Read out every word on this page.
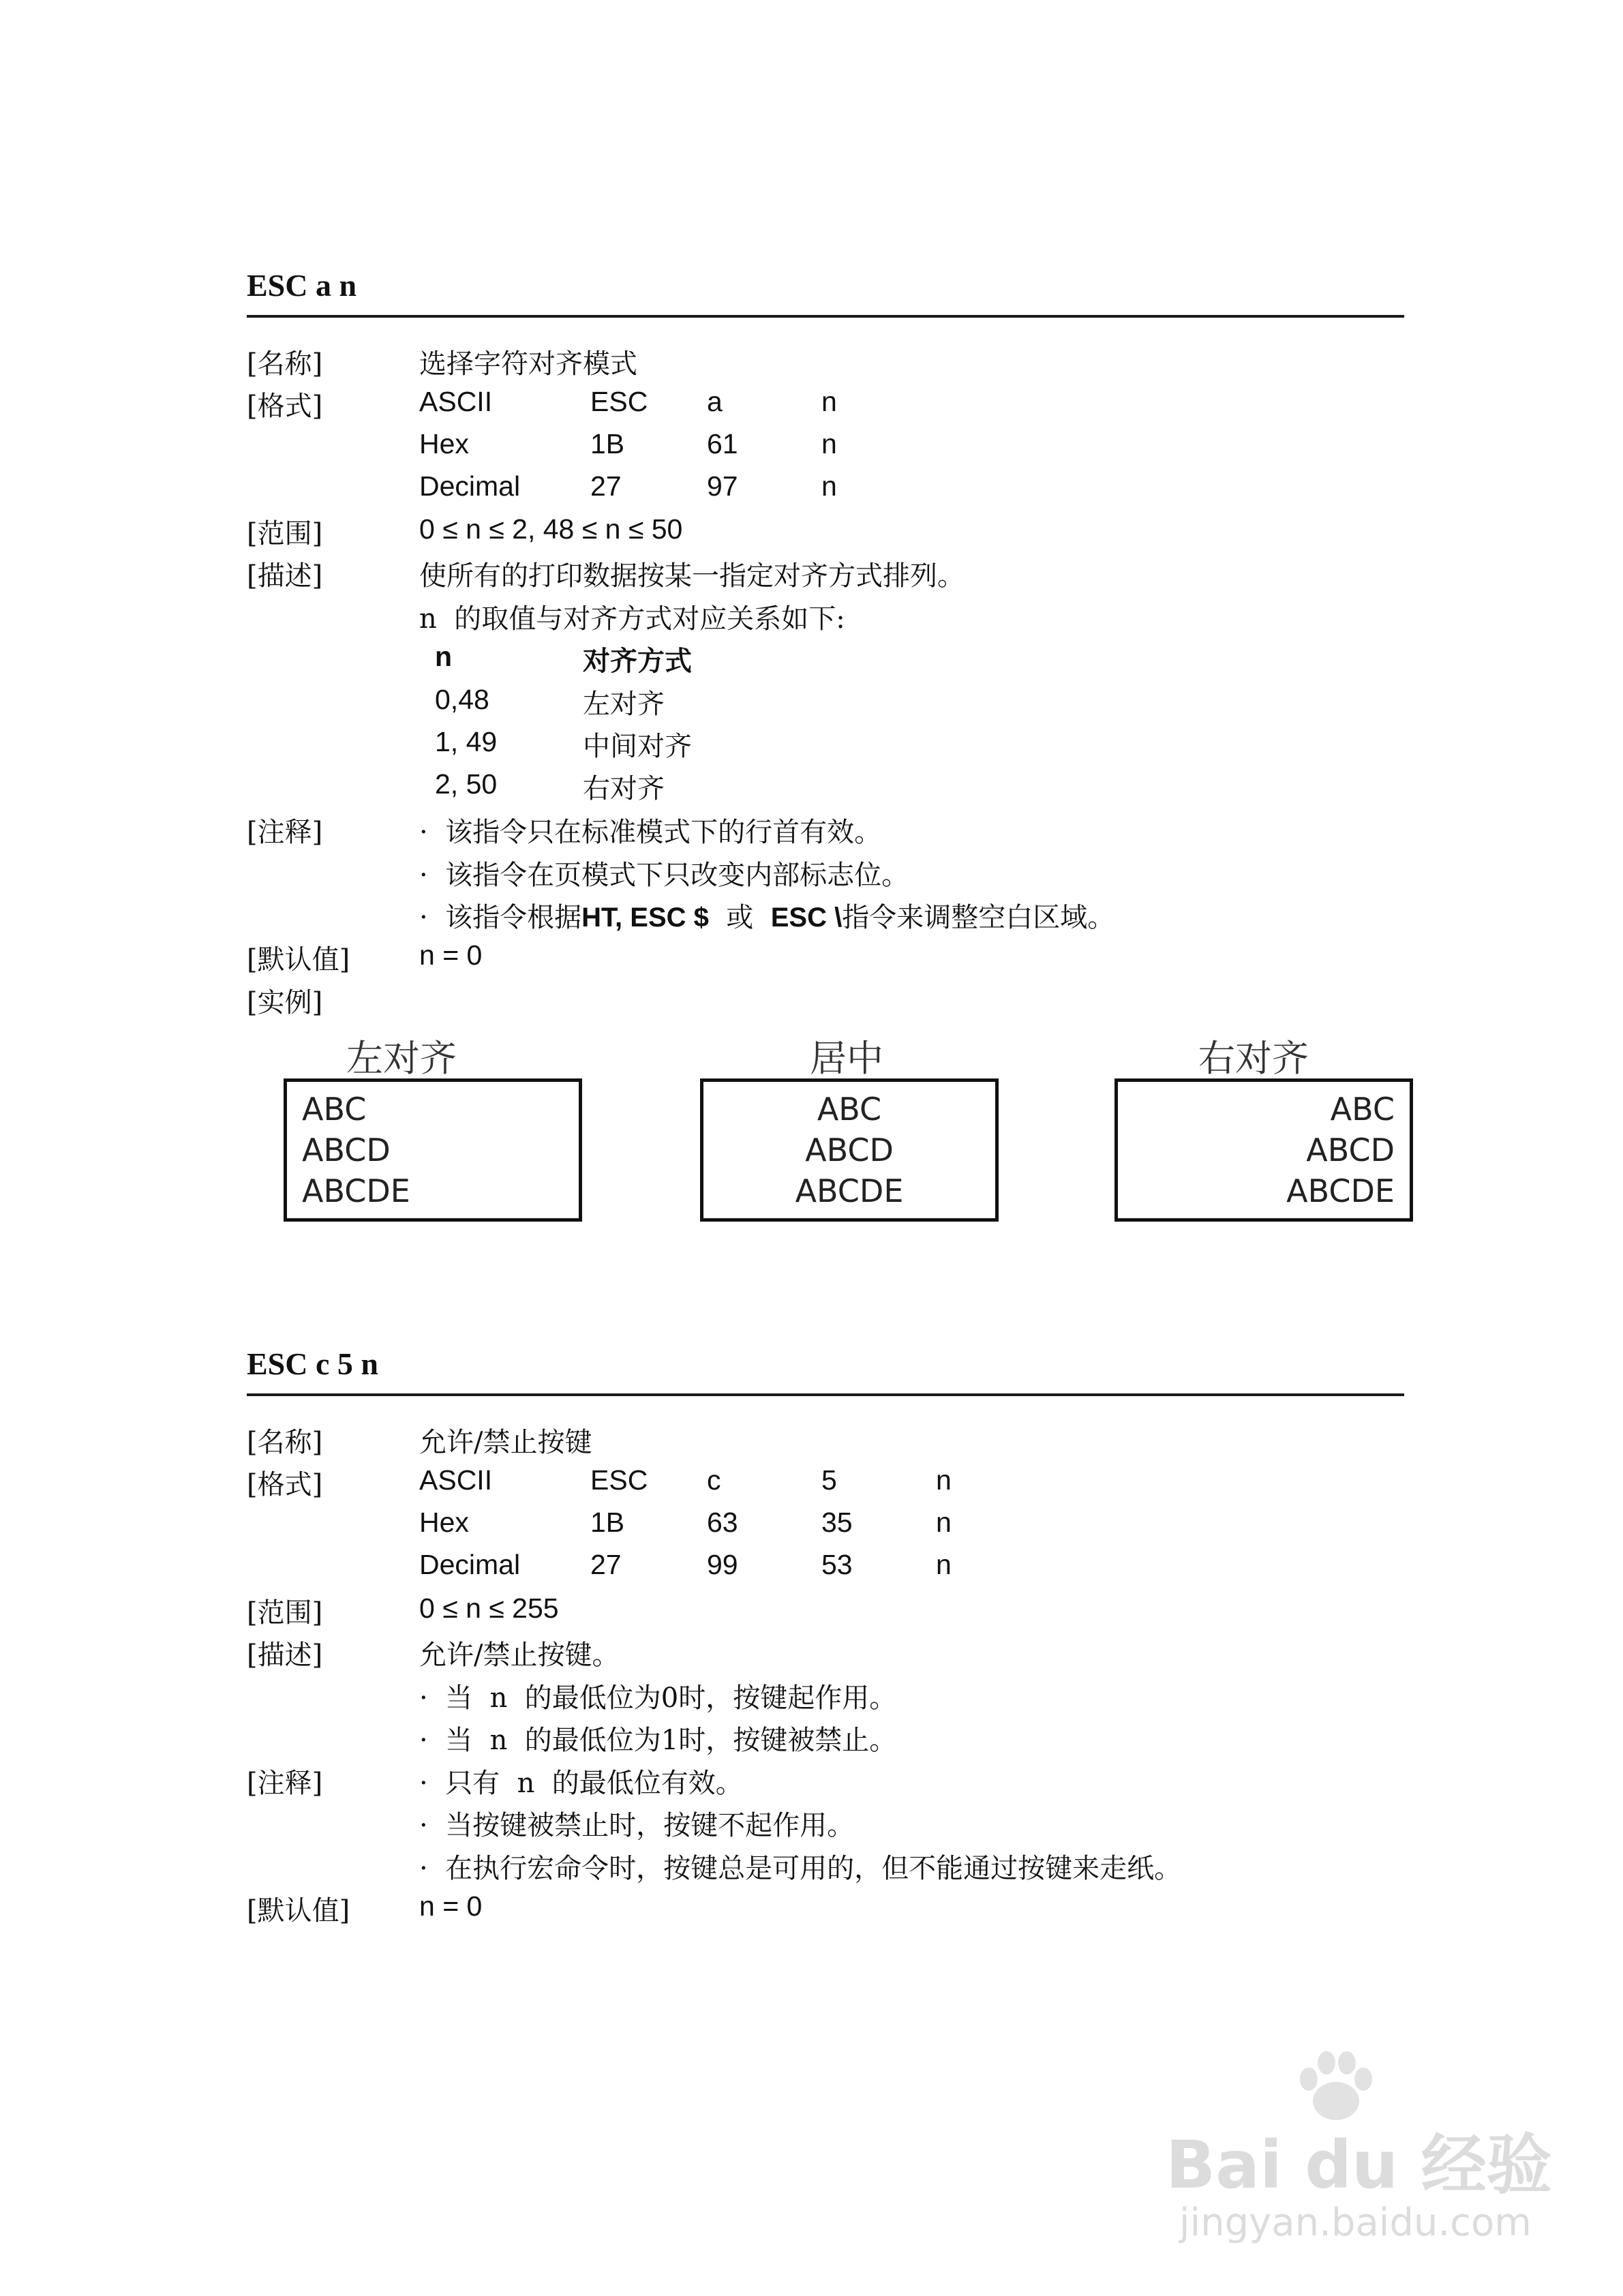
ESC a n
[名称]	选择字符对齐模式
[格式]	ASCII	ESC a	n
Hex	1B	61	n
Decimal	27	97	n
[范围]	0 ≤ n ≤ 2, 48 ≤ n ≤ 50
[描述]	使所有的打印数据按某一指定对齐方式排列。
n  的取值与对齐方式对应关系如下:
n	对齐方式
0,48	左对齐
1, 49	中间对齐
2, 50	右对齐
[注释]	·  该指令只在标准模式下的行首有效。
·  该指令在页模式下只改变内部标志位。
·  该指令根据HT, ESC $  或  ESC \指令来调整空白区域。
[默认值] n = 0
[实例]
左对齐
ABC
ABCD
ABCDE
居中
ABC
ABCD
ABCDE
右对齐
ABC
ABCD
ABCDE
ESC c 5 n
[名称]	允许/禁止按键
[格式]	ASCII	ESC c	5	n
Hex	1B	63	35	n
Decimal	27	99	53	n
[范围]	0 ≤ n ≤ 255
[描述]	允许/禁止按键。
·  当  n  的最低位为0时，按键起作用。
·  当  n  的最低位为1时，按键被禁止。
[注释]	·  只有  n  的最低位有效。
·  当按键被禁止时，按键不起作用。
·  在执行宏命令时，按键总是可用的，但不能通过按键来走纸。
[默认值] n = 0
Bai du 经验
jingyan.baidu.com
